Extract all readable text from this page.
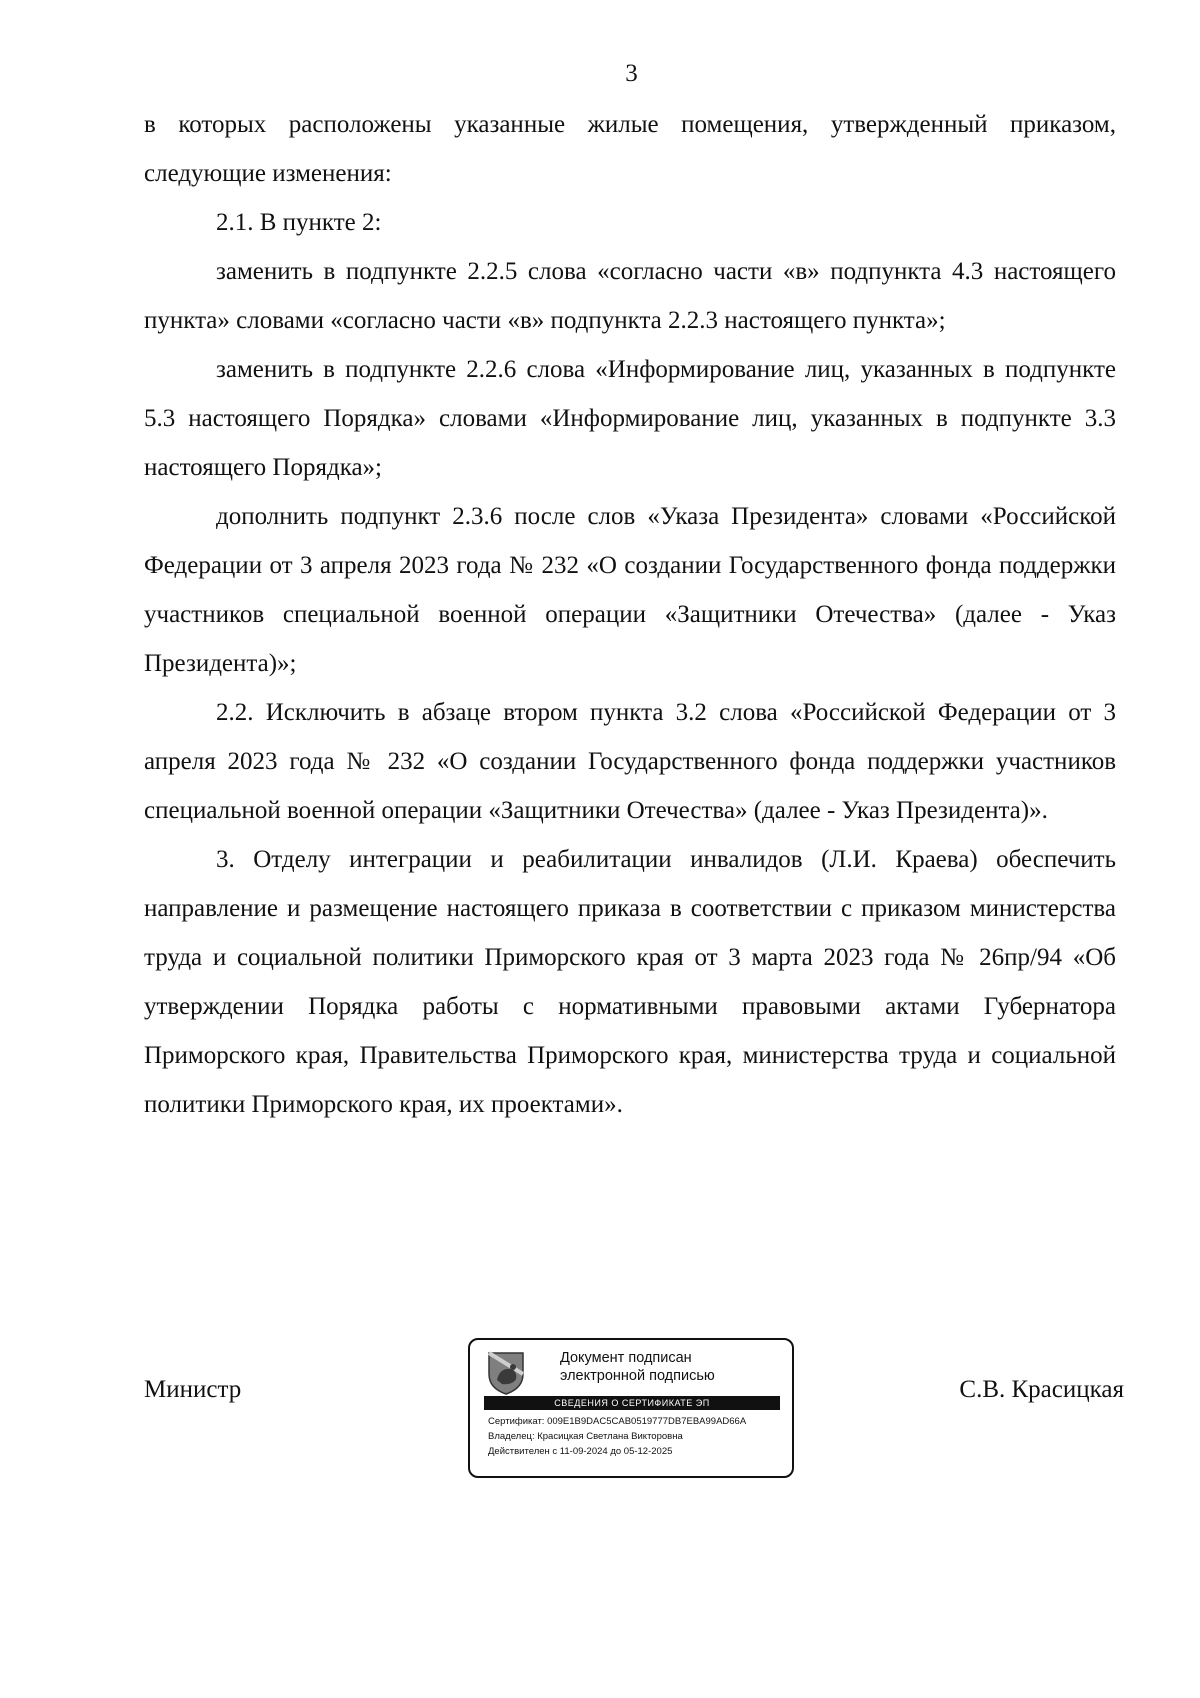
3

в которых расположены указанные жилые помещения, утвержденный приказом, следующие изменения:

2.1. В пункте 2:

заменить в подпункте 2.2.5 слова «согласно части «в» подпункта 4.3 настоящего пункта» словами «согласно части «в» подпункта 2.2.3 настоящего пункта»;

заменить в подпункте 2.2.6 слова «Информирование лиц, указанных в подпункте 5.3 настоящего Порядка» словами «Информирование лиц, указанных в подпункте 3.3 настоящего Порядка»;

дополнить подпункт 2.3.6 после слов «Указа Президента» словами «Российской Федерации от 3 апреля 2023 года № 232 «О создании Государственного фонда поддержки участников специальной военной операции «Защитники Отечества» (далее - Указ Президента)»;

2.2. Исключить в абзаце втором пункта 3.2 слова «Российской Федерации от 3 апреля 2023 года № 232 «О создании Государственного фонда поддержки участников специальной военной операции «Защитники Отечества» (далее - Указ Президента)».

3. Отделу интеграции и реабилитации инвалидов (Л.И. Краева) обеспечить направление и размещение настоящего приказа в соответствии с приказом министерства труда и социальной политики Приморского края от 3 марта 2023 года № 26пр/94 «Об утверждении Порядка работы с нормативными правовыми актами Губернатора Приморского края, Правительства Приморского края, министерства труда и социальной политики Приморского края, их проектами».

Министр
Документ подписан электронной подписью
СВЕДЕНИЯ О СЕРТИФИКАТЕ ЭП
Сертификат: 009E1B9DAC5CAB0519777DB7EBA99AD66A
Владелец: Красицкая Светлана Викторовна
Действителен с 11-09-2024 до 05-12-2025
С.В. Красицкая
